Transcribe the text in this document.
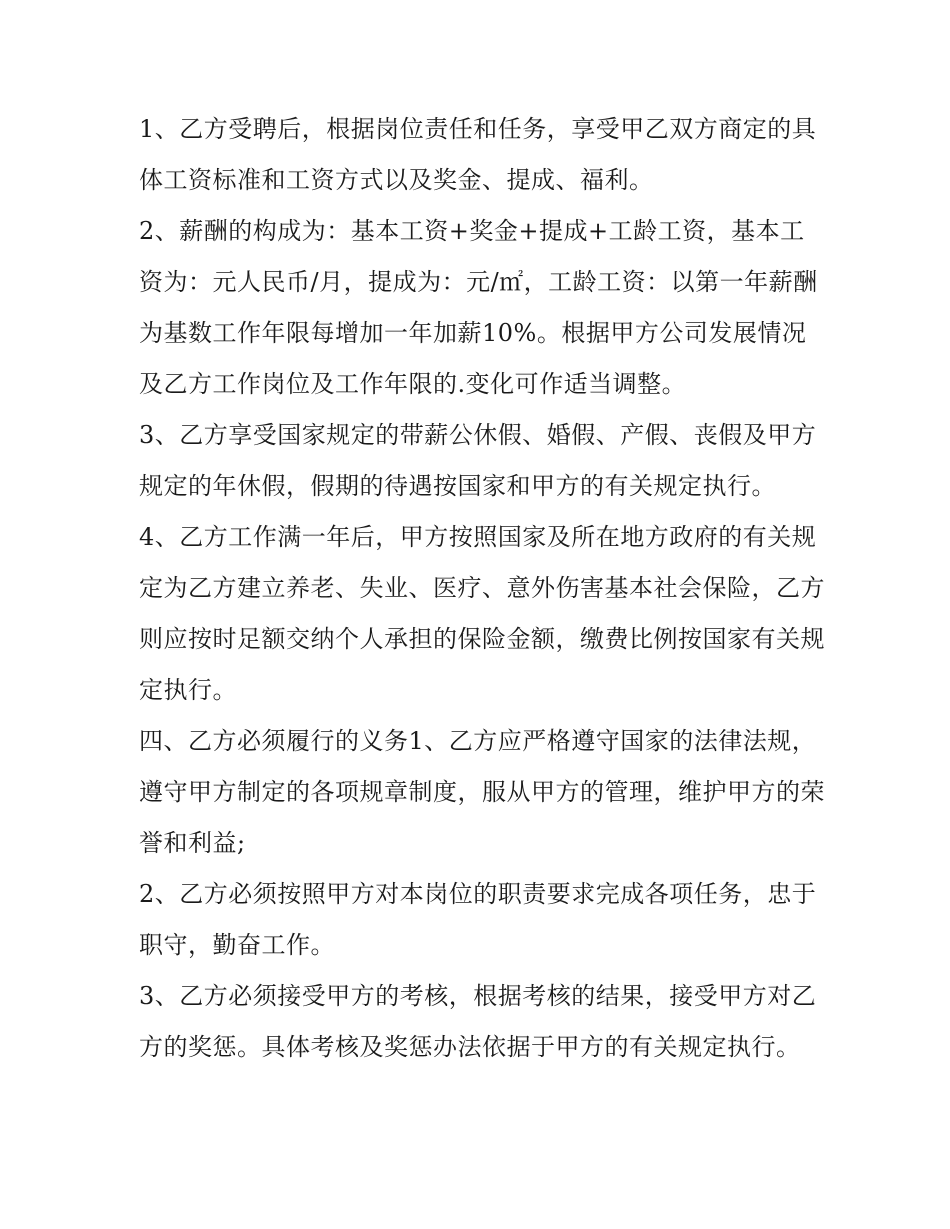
1、乙方受聘后，根据岗位责任和任务，享受甲乙双方商定的具体工资标准和工资方式以及奖金、提成、福利。

2、薪酬的构成为：基本工资+奖金+提成+工龄工资，基本工资为：元人民币/月，提成为：元/㎡，工龄工资：以第一年薪酬为基数工作年限每增加一年加薪10%。根据甲方公司发展情况及乙方工作岗位及工作年限的.变化可作适当调整。

3、乙方享受国家规定的带薪公休假、婚假、产假、丧假及甲方规定的年休假，假期的待遇按国家和甲方的有关规定执行。

4、乙方工作满一年后，甲方按照国家及所在地方政府的有关规定为乙方建立养老、失业、医疗、意外伤害基本社会保险，乙方则应按时足额交纳个人承担的保险金额，缴费比例按国家有关规定执行。

四、乙方必须履行的义务1、乙方应严格遵守国家的法律法规，遵守甲方制定的各项规章制度，服从甲方的管理，维护甲方的荣誉和利益;

2、乙方必须按照甲方对本岗位的职责要求完成各项任务，忠于职守，勤奋工作。

3、乙方必须接受甲方的考核，根据考核的结果，接受甲方对乙方的奖惩。具体考核及奖惩办法依据于甲方的有关规定执行。
